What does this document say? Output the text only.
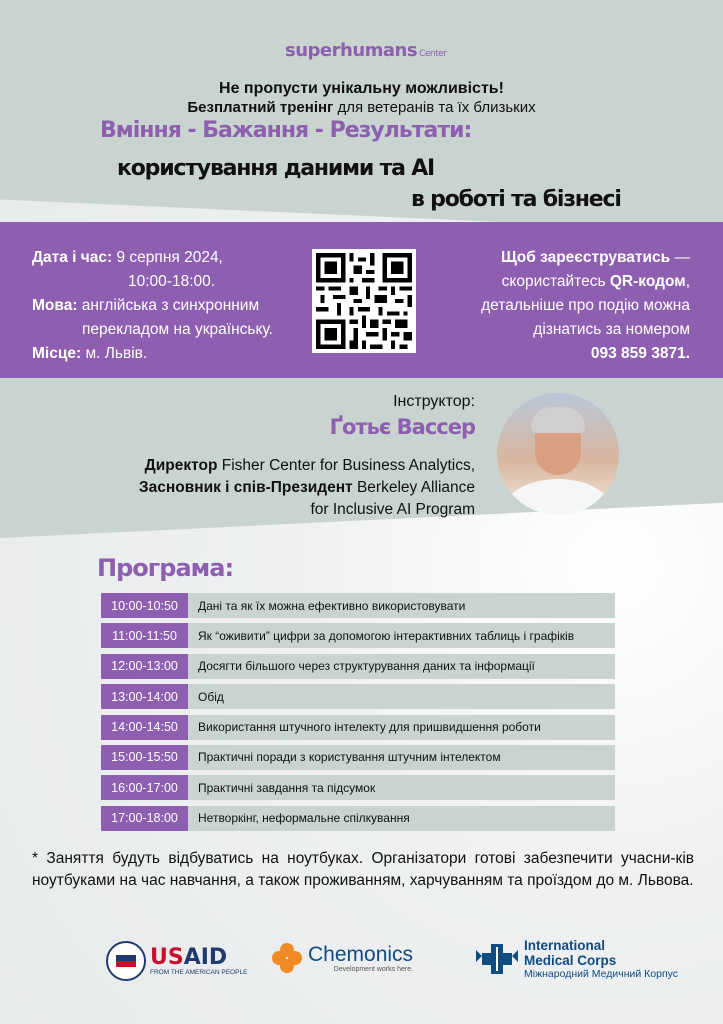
superhumans Center
Не пропусти унікальну можливість!
Безплатний тренінг для ветеранів та їх близьких
Вміння - Бажання - Результати:
користування даними та AI
в роботі та бізнесі
Дата і час: 9 серпня 2024,
10:00-18:00.
Мова: англійська з синхронним
перекладом на українську.
Місце: м. Львів.
Щоб зареєструватись —
скористайтесь QR-кодом,
детальніше про подію можна
дізнатись за номером
093 859 3871.
Інструктор:
Ґотьє Вассер
Директор Fisher Center for Business Analytics,
Засновник і спів-Президент Berkeley Alliance
for Inclusive AI Program
Програма:
10:00-10:50	Дані та як їх можна ефективно використовувати
11:00-11:50	Як “оживити” цифри за допомогою інтерактивних таблиць і графіків
12:00-13:00	Досягти більшого через структурування даних та інформації
13:00-14:00	Обід
14:00-14:50	Використання штучного інтелекту для пришвидшення роботи
15:00-15:50	Практичні поради з користування штучним інтелектом
16:00-17:00	Практичні завдання та підсумок
17:00-18:00	Нетворкінг, неформальне спілкування
* Заняття будуть відбуватись на ноутбуках. Організатори готові забезпечити учасни-ків ноутбуками на час навчання, а також проживанням, харчуванням та проїздом до м. Львова.
USAID
FROM THE AMERICAN PEOPLE
Chemonics
Development works here.
International
Medical Corps
Міжнародний Медичний Корпус
